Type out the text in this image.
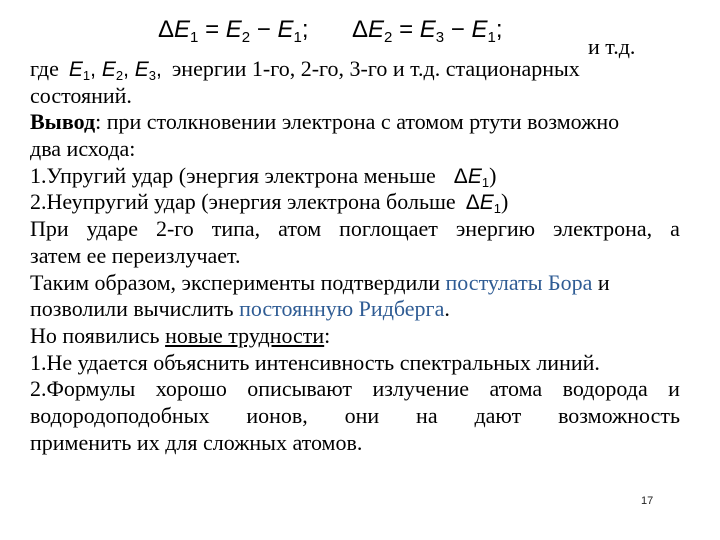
$\Delta E_1 = E_2 - E_1$; $\Delta E_2 = E_3 - E_1$;
и т.д.
где $E_1$, $E_2$, $E_3$, энергии 1-го, 2-го, 3-го и т.д. стационарных
состояний.
Вывод: при столкновении электрона с атомом ртути возможно
два исхода:
1.Упругий удар (энергия электрона меньше $\Delta E_1$)
2.Неупругий удар (энергия электрона больше $\Delta E_1$)
При ударе 2-го типа, атом поглощает энергию электрона, а
затем ее переизлучает.
Таким образом, эксперименты подтвердили постулаты Бора и
позволили вычислить постоянную Ридберга.
Но появились новые трудности:
1.Не удается объяснить интенсивность спектральных линий.
2.Формулы хорошо описывают излучение атома водорода и
водородоподобных ионов, они на дают возможность
применить их для сложных атомов.
17
